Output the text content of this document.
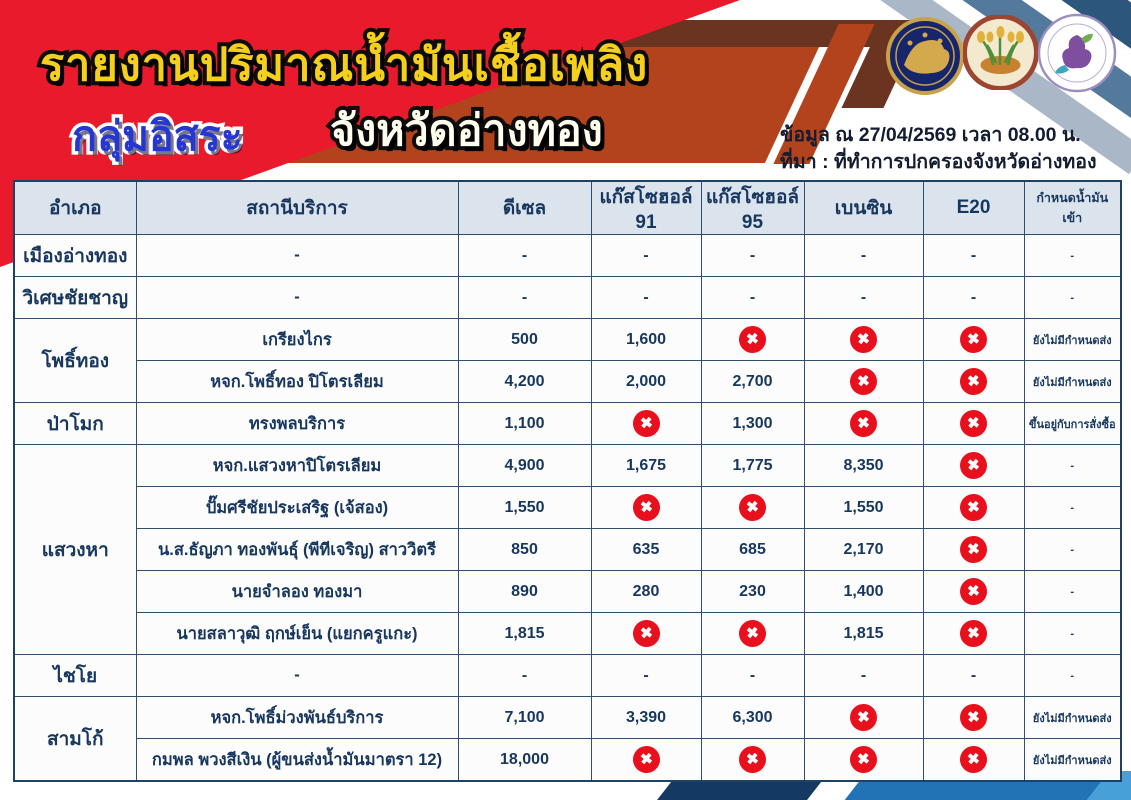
รายงานปริมาณน้ำมันเชื้อเพลิง
จังหวัดอ่างทอง
กลุ่มอิสระ	ข้อมูล ณ 27/04/2569 เวลา 08.00 น.
ที่มา : ที่ทำการปกครองจังหวัดอ่างทอง
อำเภอ	สถานีบริการ	ดีเซล	แก๊สโซฮอล์ 91	แก๊สโซฮอล์ 95	เบนซิน	E20	กำหนดน้ำมันเข้า
เมืองอ่างทอง	-	-	-	-	-	-	-
วิเศษชัยชาญ	-	-	-	-	-	-	-
โพธิ์ทอง	เกรียงไกร	500	1,600	✖	✖	✖	ยังไม่มีกำหนดส่ง
	หจก.โพธิ์ทอง ปิโตรเลียม	4,200	2,000	2,700	✖	✖	ยังไม่มีกำหนดส่ง
ป่าโมก	ทรงพลบริการ	1,100	✖	1,300	✖	✖	ขึ้นอยู่กับการสั่งซื้อ
แสวงหา	หจก.แสวงหาปิโตรเลียม	4,900	1,675	1,775	8,350	✖	-
	ปั๊มศรีชัยประเสริฐ (เจ้สอง)	1,550	✖	✖	1,550	✖	-
	น.ส.ธัญภา ทองพันธุ์ (พีทีเจริญ) สาววิตรี	850	635	685	2,170	✖	-
	นายจำลอง ทองมา	890	280	230	1,400	✖	-
	นายสลาวุฒิ ฤกษ์เย็น (แยกครูแกะ)	1,815	✖	✖	1,815	✖	-
ไชโย	-	-	-	-	-	-	-
สามโก้	หจก.โพธิ์ม่วงพันธ์บริการ	7,100	3,390	6,300	✖	✖	ยังไม่มีกำหนดส่ง
	กมพล พวงสีเงิน (ผู้ขนส่งน้ำมันมาตรา 12)	18,000	✖	✖	✖	✖	ยังไม่มีกำหนดส่ง
